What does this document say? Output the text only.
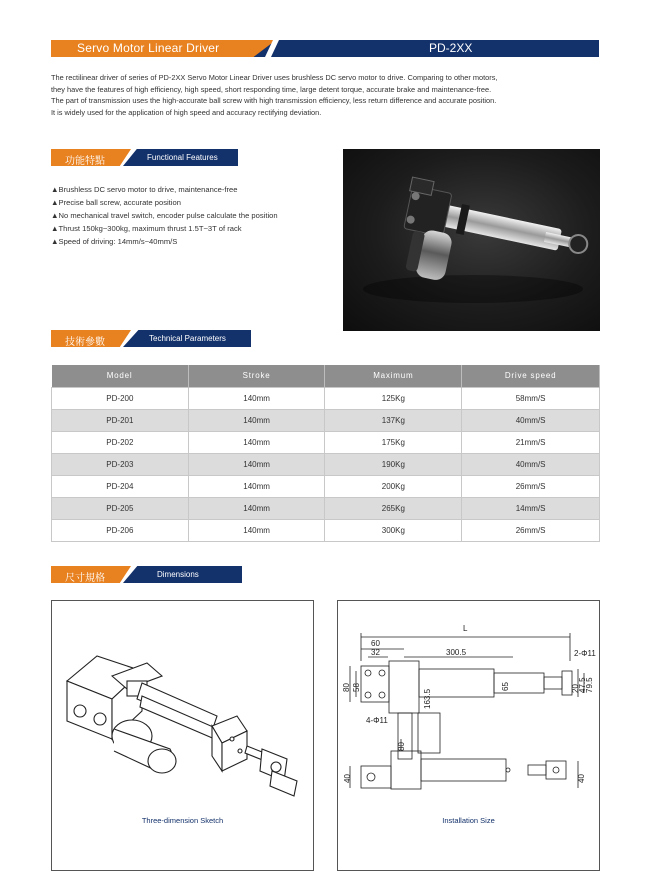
Servo Motor Linear Driver	PD-2XX
The rectilinear driver of series of PD-2XX Servo Motor Linear Driver uses brushless DC servo motor to drive. Comparing to other motors,
they have the features of high efficiency, high speed, short responding time, large detent torque, accurate brake and maintenance-free.
The part of transmission uses the high-accurate ball screw with high transmission efficiency, less return difference and accurate position.
It is widely used for the application of high speed and accuracy rectifying deviation.
功能特點	Functional Features
▲Brushless DC servo motor to drive, maintenance-free
▲Precise ball screw, accurate position
▲No mechanical travel switch, encoder pulse calculate the position
▲Thrust 150kg~300kg, maximum thrust 1.5T~3T of rack
▲Speed of driving: 14mm/s~40mm/S
技術參數	Technical Parameters
Model	Stroke	Maximum	Drive speed
PD-200	140mm	125Kg	58mm/S
PD-201	140mm	137Kg	40mm/S
PD-202	140mm	175Kg	21mm/S
PD-203	140mm	190Kg	40mm/S
PD-204	140mm	200Kg	26mm/S
PD-205	140mm	265Kg	14mm/S
PD-206	140mm	300Kg	26mm/S
尺寸規格	Dimensions
Three-dimension Sketch
L
60
32	300.5	2-Φ11
80 58
4-Φ11
163.5
65	20
47.5
79.5
80
40	40
Installation Size
